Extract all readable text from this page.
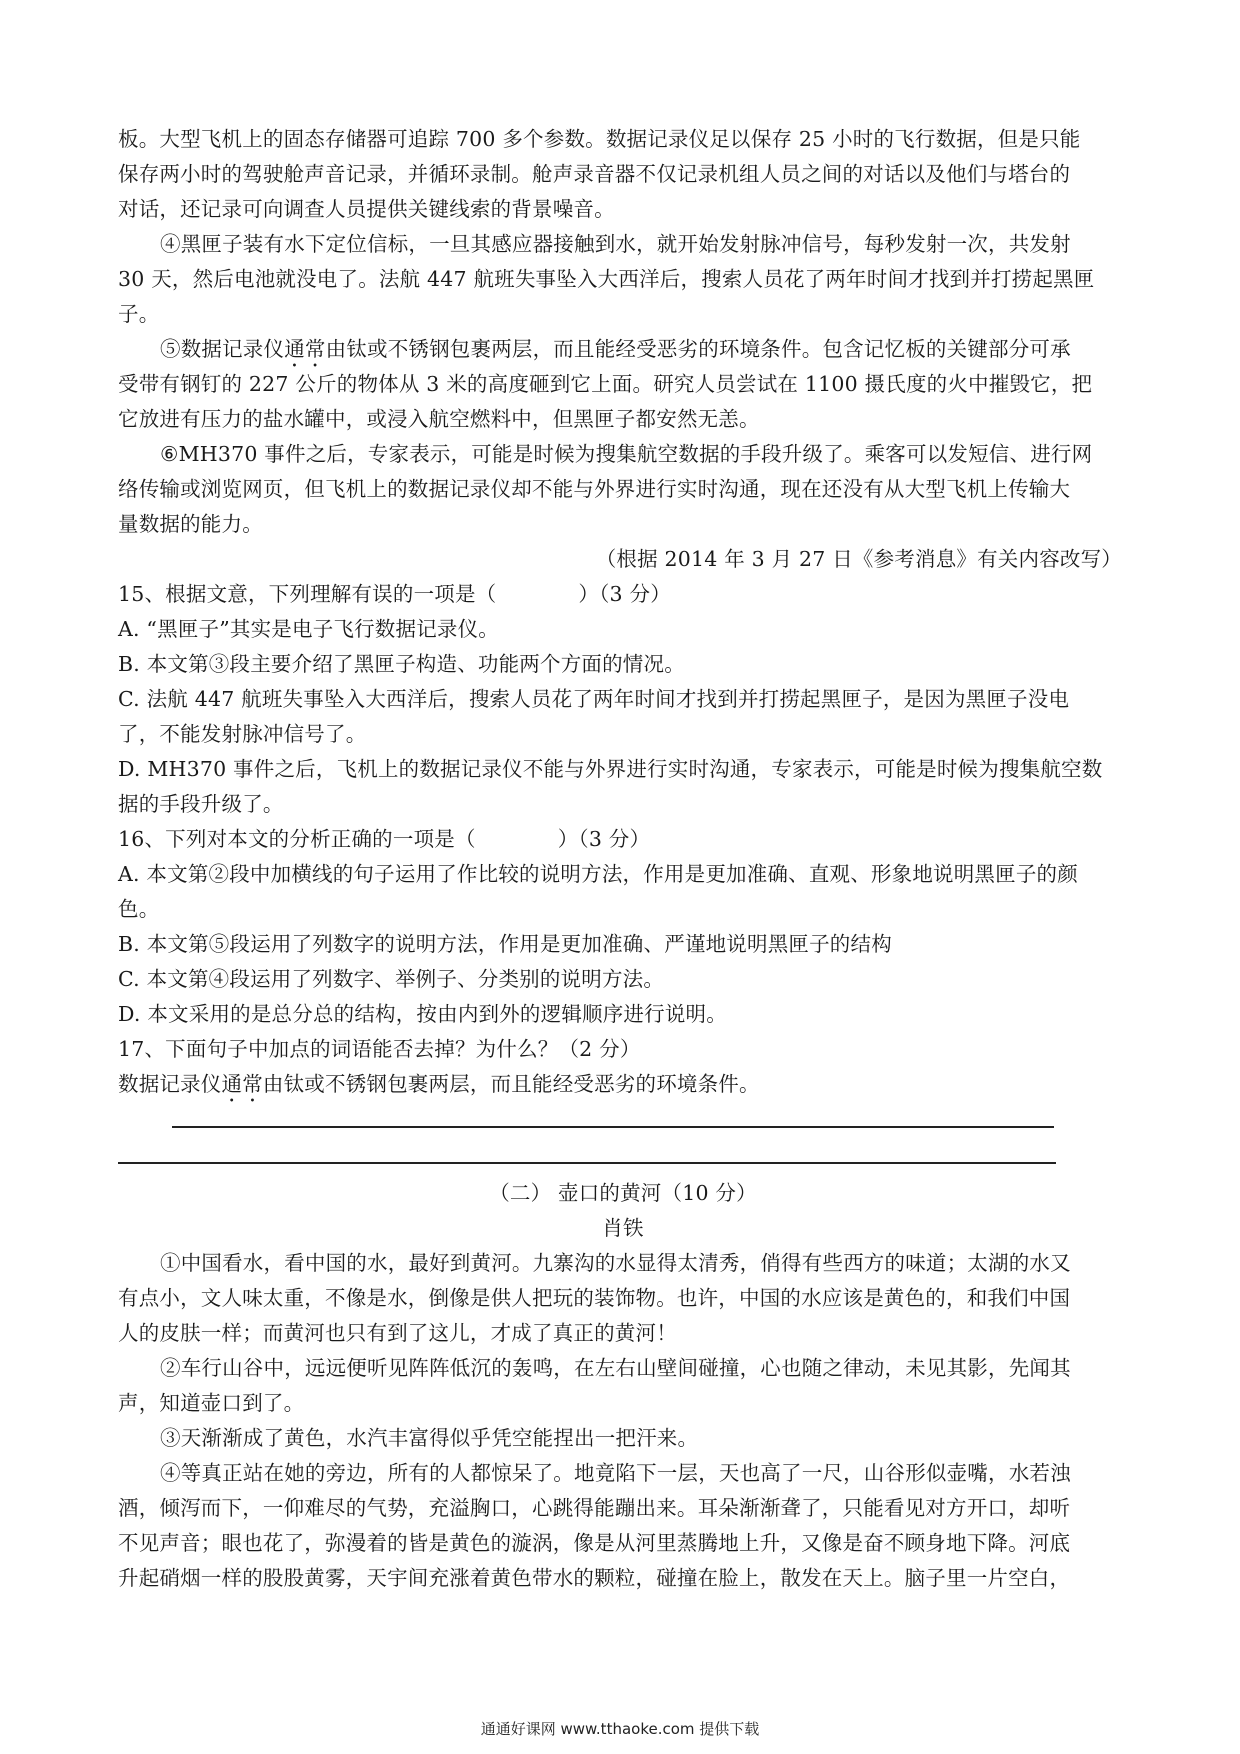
板。大型飞机上的固态存储器可追踪 700 多个参数。数据记录仪足以保存 25 小时的飞行数据，但是只能
保存两小时的驾驶舱声音记录，并循环录制。舱声录音器不仅记录机组人员之间的对话以及他们与塔台的
对话，还记录可向调查人员提供关键线索的背景噪音。
④黑匣子装有水下定位信标，一旦其感应器接触到水，就开始发射脉冲信号，每秒发射一次，共发射
30 天，然后电池就没电了。法航 447 航班失事坠入大西洋后，搜索人员花了两年时间才找到并打捞起黑匣
子。
⑤数据记录仪通常由钛或不锈钢包裹两层，而且能经受恶劣的环境条件。包含记忆板的关键部分可承
受带有钢钉的 227 公斤的物体从 3 米的高度砸到它上面。研究人员尝试在 1100 摄氏度的火中摧毁它，把
它放进有压力的盐水罐中，或浸入航空燃料中，但黑匣子都安然无恙。
⑥MH370 事件之后，专家表示，可能是时候为搜集航空数据的手段升级了。乘客可以发短信、进行网
络传输或浏览网页，但飞机上的数据记录仪却不能与外界进行实时沟通，现在还没有从大型飞机上传输大
量数据的能力。
（根据 2014 年 3 月 27 日《参考消息》有关内容改写）
15、根据文意，下列理解有误的一项是（	）（3 分）
A. “黑匣子”其实是电子飞行数据记录仪。
B. 本文第③段主要介绍了黑匣子构造、功能两个方面的情况。
C. 法航 447 航班失事坠入大西洋后，搜索人员花了两年时间才找到并打捞起黑匣子，是因为黑匣子没电
了，不能发射脉冲信号了。
D. MH370 事件之后，飞机上的数据记录仪不能与外界进行实时沟通，专家表示，可能是时候为搜集航空数
据的手段升级了。
16、下列对本文的分析正确的一项是（	）（3 分）
A. 本文第②段中加横线的句子运用了作比较的说明方法，作用是更加准确、直观、形象地说明黑匣子的颜
色。
B. 本文第⑤段运用了列数字的说明方法，作用是更加准确、严谨地说明黑匣子的结构
C. 本文第④段运用了列数字、举例子、分类别的说明方法。
D. 本文采用的是总分总的结构，按由内到外的逻辑顺序进行说明。
17、下面句子中加点的词语能否去掉？为什么？（2 分）
数据记录仪通常由钛或不锈钢包裹两层，而且能经受恶劣的环境条件。
（二） 壶口的黄河（10 分）
肖铁
①中国看水，看中国的水，最好到黄河。九寨沟的水显得太清秀，俏得有些西方的味道；太湖的水又
有点小，文人味太重，不像是水，倒像是供人把玩的装饰物。也许，中国的水应该是黄色的，和我们中国
人的皮肤一样；而黄河也只有到了这儿，才成了真正的黄河！
②车行山谷中，远远便听见阵阵低沉的轰鸣，在左右山壁间碰撞，心也随之律动，未见其影，先闻其
声，知道壶口到了。
③天渐渐成了黄色，水汽丰富得似乎凭空能捏出一把汗来。
④等真正站在她的旁边，所有的人都惊呆了。地竟陷下一层，天也高了一尺，山谷形似壶嘴，水若浊
酒，倾泻而下，一仰难尽的气势，充溢胸口，心跳得能蹦出来。耳朵渐渐聋了，只能看见对方开口，却听
不见声音；眼也花了，弥漫着的皆是黄色的漩涡，像是从河里蒸腾地上升，又像是奋不顾身地下降。河底
升起硝烟一样的股股黄雾，天宇间充涨着黄色带水的颗粒，碰撞在脸上，散发在天上。脑子里一片空白，
通通好课网 www.tthaoke.com 提供下载
